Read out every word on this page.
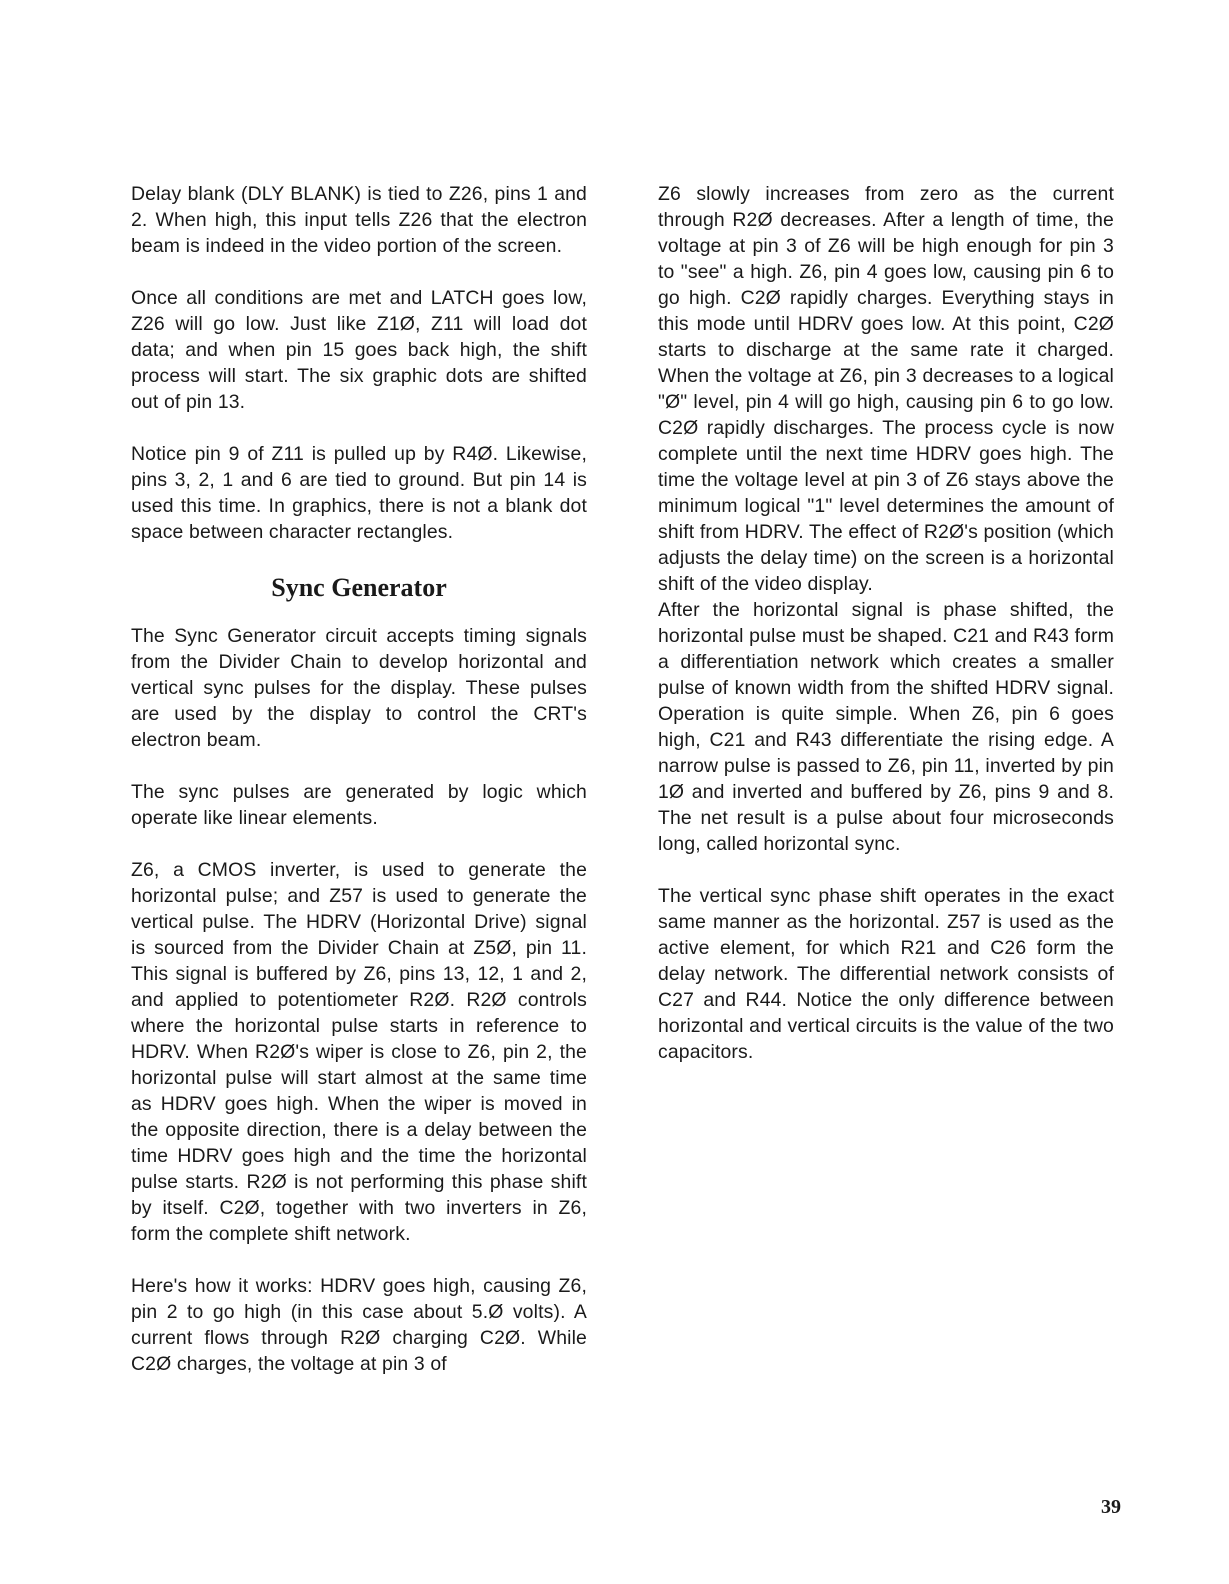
Delay blank (DLY BLANK) is tied to Z26, pins 1 and 2. When high, this input tells Z26 that the electron beam is indeed in the video portion of the screen.

Once all conditions are met and LATCH goes low, Z26 will go low. Just like Z1Ø, Z11 will load dot data; and when pin 15 goes back high, the shift process will start. The six graphic dots are shifted out of pin 13.

Notice pin 9 of Z11 is pulled up by R4Ø. Likewise, pins 3, 2, 1 and 6 are tied to ground. But pin 14 is used this time. In graphics, there is not a blank dot space between character rectangles.

Sync Generator

The Sync Generator circuit accepts timing signals from the Divider Chain to develop horizontal and vertical sync pulses for the display. These pulses are used by the display to control the CRT's electron beam.

The sync pulses are generated by logic which operate like linear elements.

Z6, a CMOS inverter, is used to generate the horizontal pulse; and Z57 is used to generate the vertical pulse. The HDRV (Horizontal Drive) signal is sourced from the Divider Chain at Z5Ø, pin 11. This signal is buffered by Z6, pins 13, 12, 1 and 2, and applied to potentiometer R2Ø. R2Ø controls where the horizontal pulse starts in reference to HDRV. When R2Ø's wiper is close to Z6, pin 2, the horizontal pulse will start almost at the same time as HDRV goes high. When the wiper is moved in the opposite direction, there is a delay between the time HDRV goes high and the time the horizontal pulse starts. R2Ø is not performing this phase shift by itself. C2Ø, together with two inverters in Z6, form the complete shift network.

Here's how it works: HDRV goes high, causing Z6, pin 2 to go high (in this case about 5.Ø volts). A current flows through R2Ø charging C2Ø. While C2Ø charges, the voltage at pin 3 of

Z6 slowly increases from zero as the current through R2Ø decreases. After a length of time, the voltage at pin 3 of Z6 will be high enough for pin 3 to "see" a high. Z6, pin 4 goes low, causing pin 6 to go high. C2Ø rapidly charges. Everything stays in this mode until HDRV goes low. At this point, C2Ø starts to discharge at the same rate it charged. When the voltage at Z6, pin 3 decreases to a logical "Ø" level, pin 4 will go high, causing pin 6 to go low. C2Ø rapidly discharges. The process cycle is now complete until the next time HDRV goes high. The time the voltage level at pin 3 of Z6 stays above the minimum logical "1" level determines the amount of shift from HDRV. The effect of R2Ø's position (which adjusts the delay time) on the screen is a horizontal shift of the video display.

After the horizontal signal is phase shifted, the horizontal pulse must be shaped. C21 and R43 form a differentiation network which creates a smaller pulse of known width from the shifted HDRV signal. Operation is quite simple. When Z6, pin 6 goes high, C21 and R43 differentiate the rising edge. A narrow pulse is passed to Z6, pin 11, inverted by pin 1Ø and inverted and buffered by Z6, pins 9 and 8. The net result is a pulse about four microseconds long, called horizontal sync.

The vertical sync phase shift operates in the exact same manner as the horizontal. Z57 is used as the active element, for which R21 and C26 form the delay network. The differential network consists of C27 and R44. Notice the only difference between horizontal and vertical circuits is the value of the two capacitors.

39
